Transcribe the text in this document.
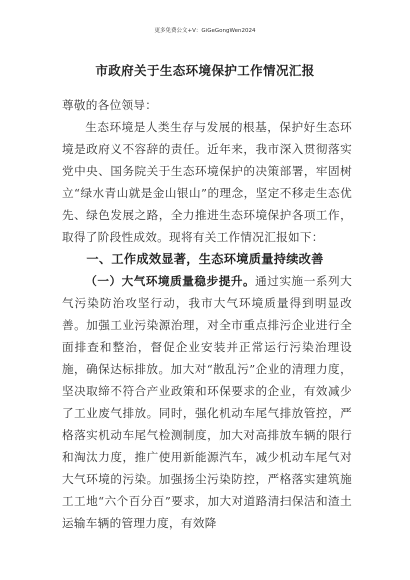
更多免费公文+V：GiGeGongWen2024
市政府关于生态环境保护工作情况汇报
尊敬的各位领导：
生态环境是人类生存与发展的根基，保护好生态环境是政府义不容辞的责任。近年来，我市深入贯彻落实党中央、国务院关于生态环境保护的决策部署，牢固树立“绿水青山就是金山银山”的理念，坚定不移走生态优先、绿色发展之路，全力推进生态环境保护各项工作，取得了阶段性成效。现将有关工作情况汇报如下：
一、工作成效显著，生态环境质量持续改善
（一）大气环境质量稳步提升。通过实施一系列大气污染防治攻坚行动，我市大气环境质量得到明显改善。加强工业污染源治理，对全市重点排污企业进行全面排查和整治，督促企业安装并正常运行污染治理设施，确保达标排放。加大对“散乱污”企业的清理力度，坚决取缔不符合产业政策和环保要求的企业，有效减少了工业废气排放。同时，强化机动车尾气排放管控，严格落实机动车尾气检测制度，加大对高排放车辆的限行和淘汰力度，推广使用新能源汽车，减少机动车尾气对大气环境的污染。加强扬尘污染防控，严格落实建筑施工工地“六个百分百”要求，加大对道路清扫保洁和渣土运输车辆的管理力度，有效降
